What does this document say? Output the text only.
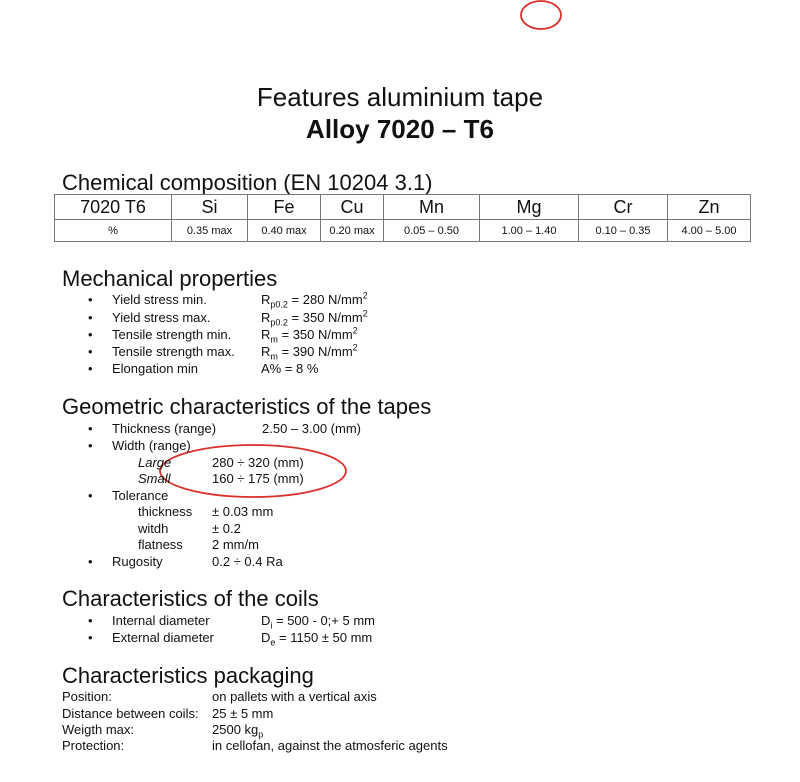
Features aluminium tape
Alloy 7020 – T6
Chemical composition (EN 10204 3.1)
7020 T6	Si	Fe	Cu	Mn	Mg	Cr	Zn
%	0.35 max	0.40 max	0.20 max	0.05 – 0.50	1.00 – 1.40	0.10 – 0.35	4.00 – 5.00
Mechanical properties
• Yield stress min.	$R_{p0.2} = 280$ $N/mm^2$
• Yield stress max.	$R_{p0.2} = 350$ $N/mm^2$
• Tensile strength min. $R_m = 350$ $N/mm^2$
• Tensile strength max. $R_m = 390$ $N/mm^2$
• Elongation min	A% = 8 %
Geometric characteristics of the tapes
• Thickness (range)	2.50 – 3.00 (mm)
• Width (range)
Large	280 ÷ 320 (mm)
Small	160 ÷ 175 (mm)
• Tolerance
thickness ± 0.03 mm
witdh	± 0.2
flatness 2 mm/m
• Rugosity	0.2 ÷ 0.4 Ra
Characteristics of the coils
• Internal diameter	$D_i = 500$ - 0;+ 5 mm
• External diameter	$D_e = 1150 \pm 50$ mm
Characteristics packaging
Position:	on pallets with a vertical axis
Distance between coils: 25 ± 5 mm
Weigth max:	2500 $kg_p$
Protection:	in cellofan, against the atmosferic agents
